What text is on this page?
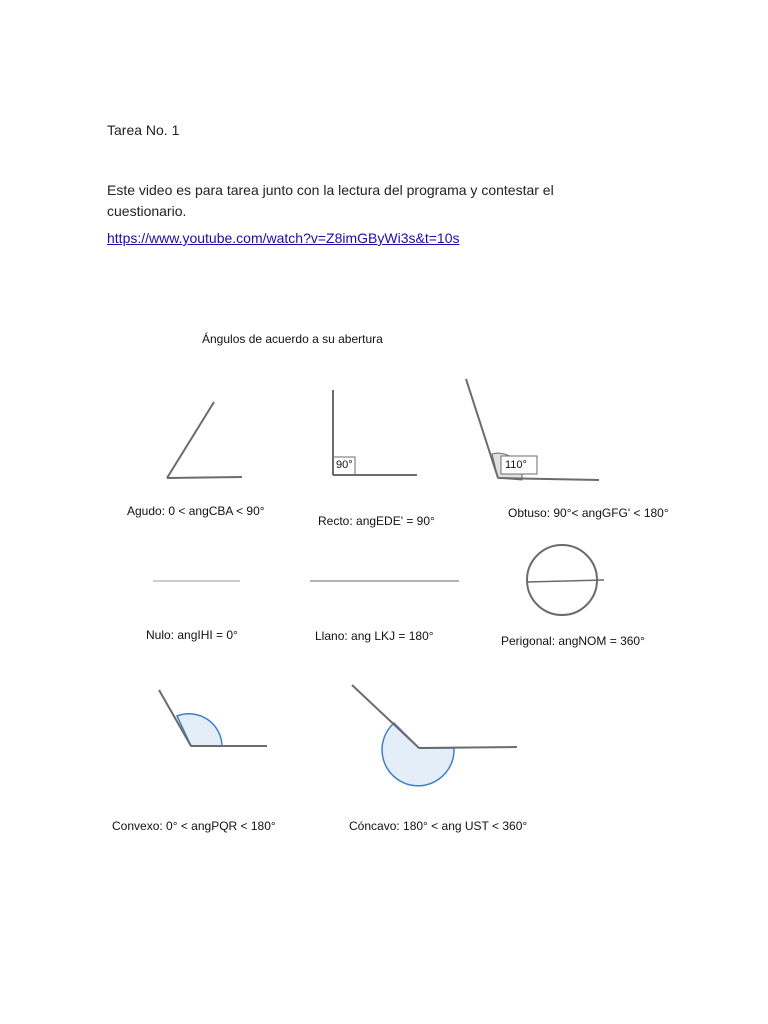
Tarea No. 1
Este video es para tarea junto con la lectura del programa y contestar el cuestionario.
https://www.youtube.com/watch?v=Z8imGByWi3s&t=10s
Ángulos de acuerdo a su abertura
90°	110°
Agudo: 0 < angCBA < 90°
Recto: angEDE' = 90°
Obtuso: 90°< angGFG' < 180°
Nulo: angIHI = 0°	Llano: ang LKJ = 180°	Perigonal: angNOM = 360°
Convexo: 0° < angPQR < 180°	Cóncavo: 180° < ang UST < 360°
